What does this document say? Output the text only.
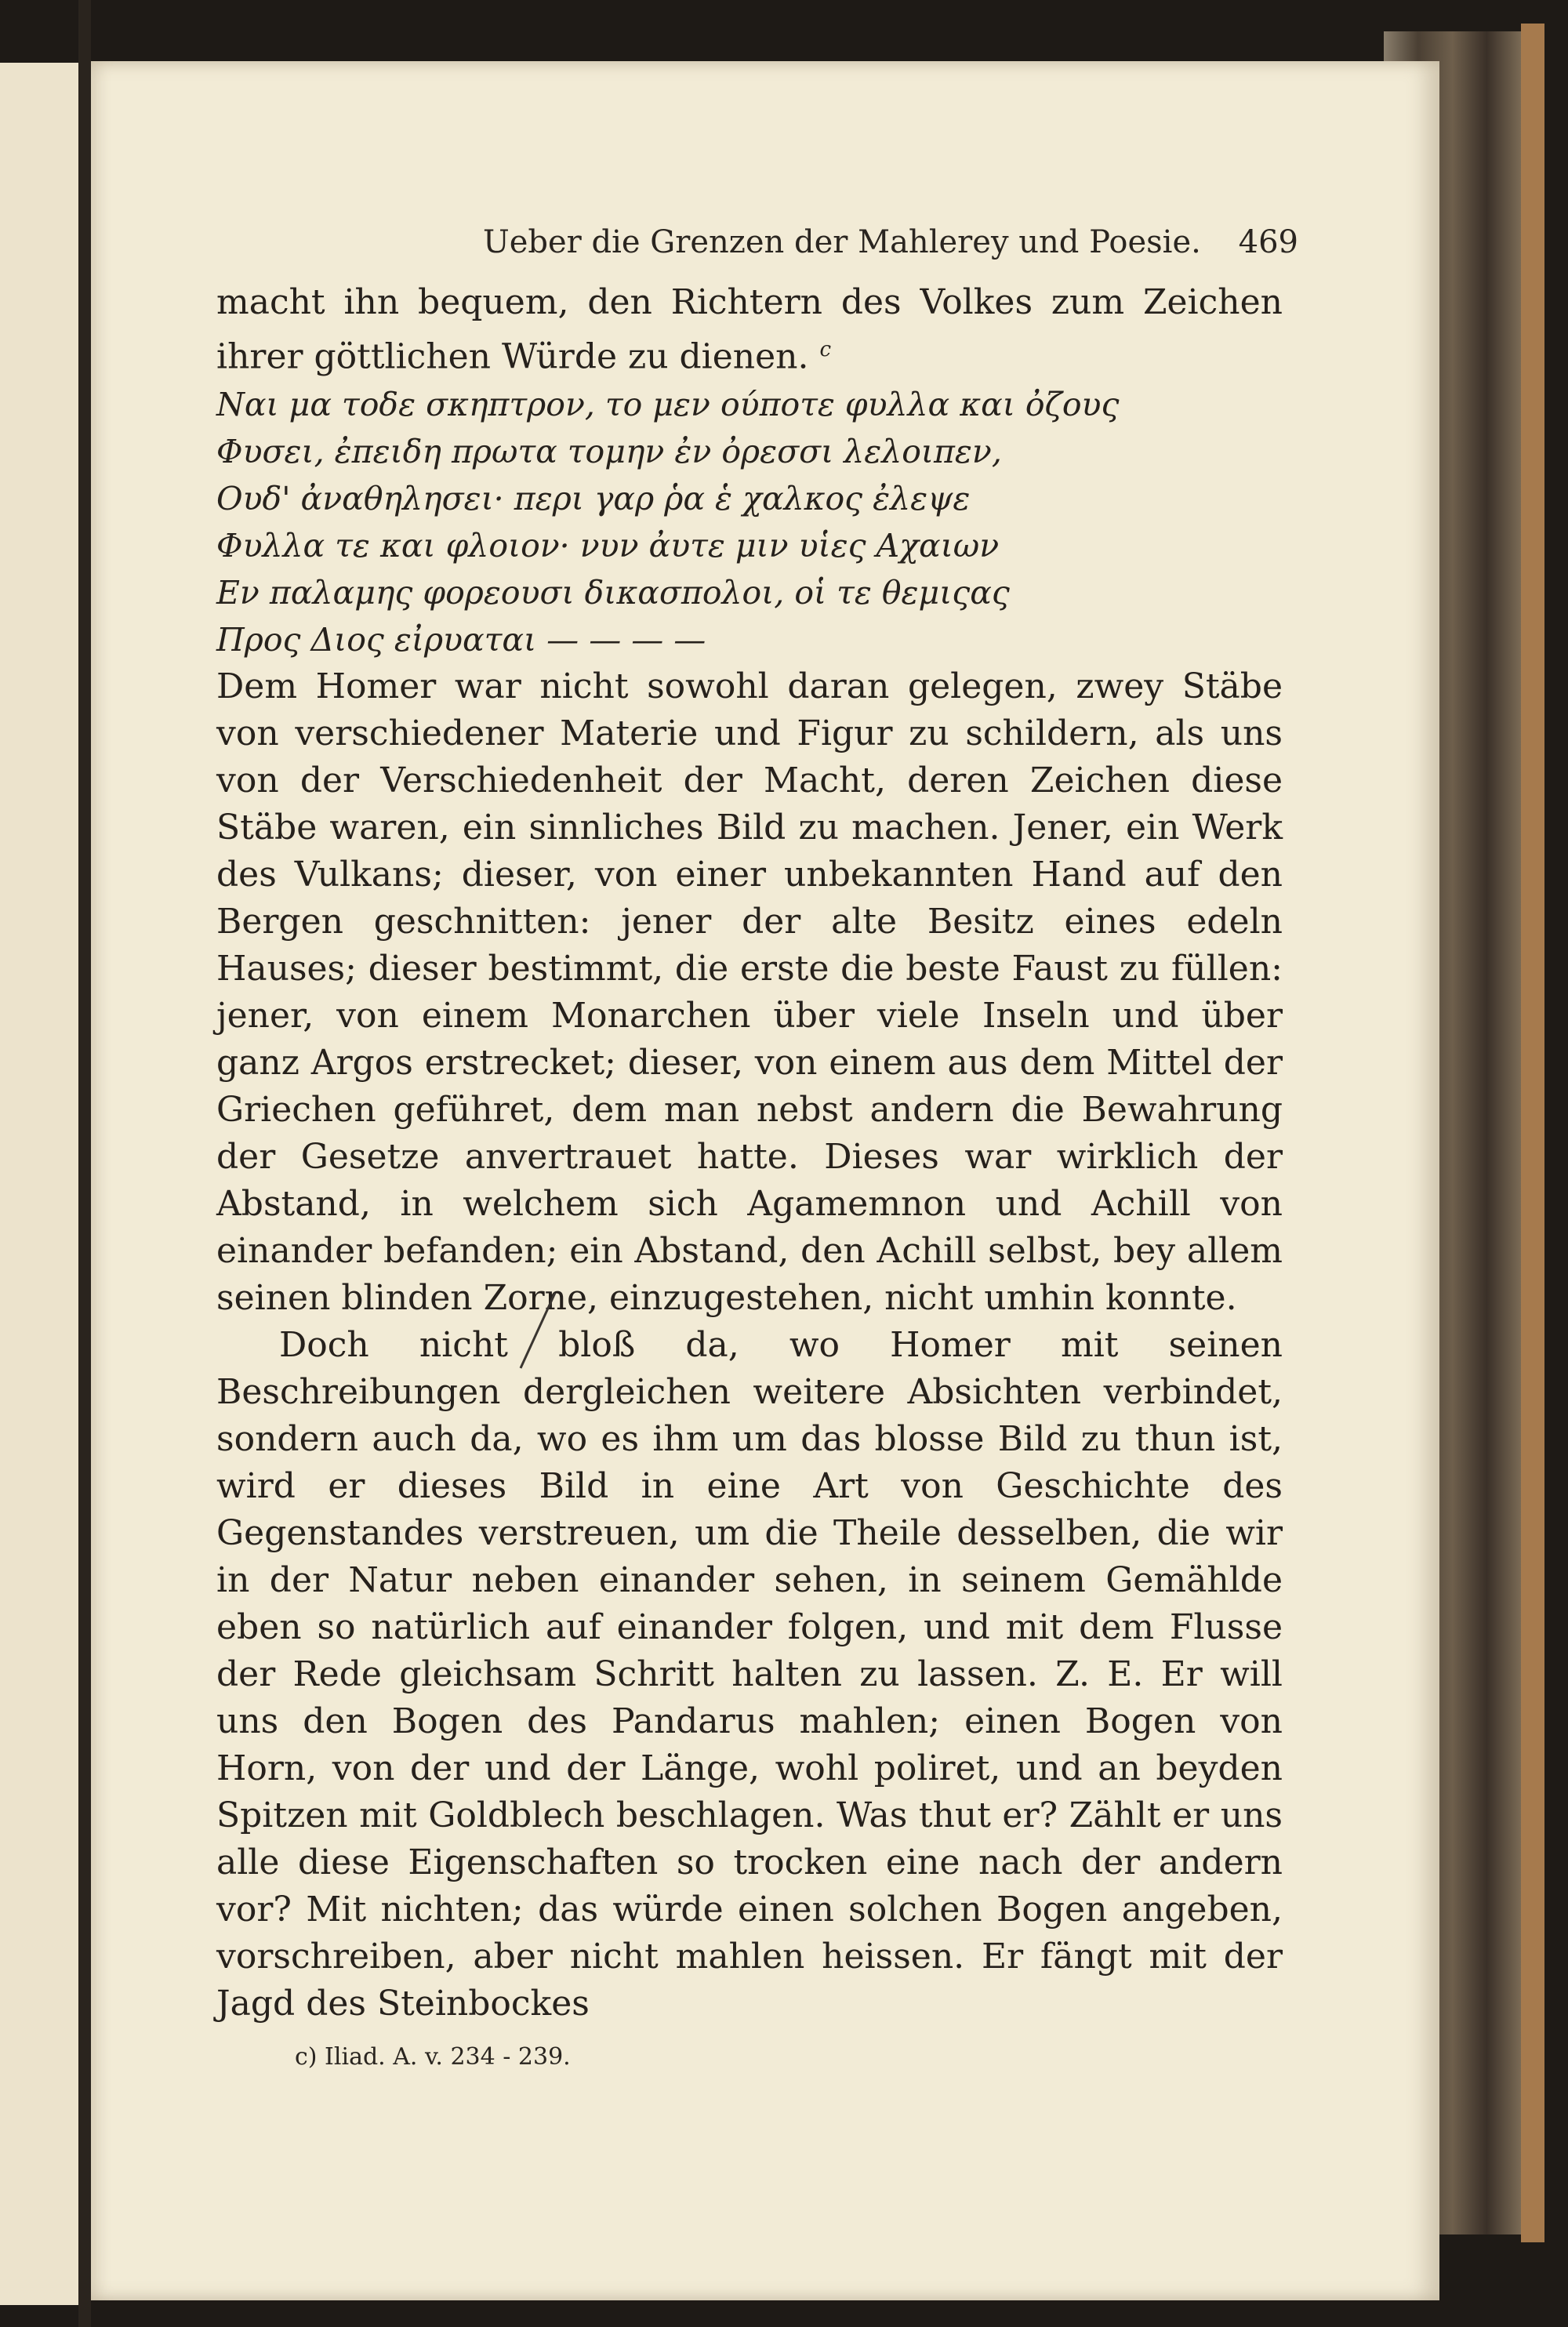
Ueber die Grenzen der Mahlerey und Poesie. 469

macht ihn bequem, den Richtern des Volkes zum Zeichen ihrer göttlichen Würde zu dienen. $^c$

Ναι μα τοδε σκηπτρον, το μεν ούποτε φυλλα και ὀζους
Φυσει, ἐπειδη πρωτα τομην ἐν ὀρεσσι λελοιπεν,
Ουδ' ἀναθηλησει· περι γαρ ῥα ἑ χαλκος ἐλεψε
Φυλλα τε και φλοιον· νυν ἀυτε μιν υἱες Αχαιων
Εν παλαμης φορεουσι δικασπολοι, οἱ τε θεμιςας
Προς Διος εἰρυαται — — — —

Dem Homer war nicht sowohl daran gelegen, zwey Stäbe von verschiedener Materie und Figur zu schildern, als uns von der Verschiedenheit der Macht, deren Zeichen diese Stäbe waren, ein sinnliches Bild zu machen. Jener, ein Werk des Vulkans; dieser, von einer unbekannten Hand auf den Bergen geschnitten: jener der alte Besitz eines edeln Hauses; dieser bestimmt, die erste die beste Faust zu füllen: jener, von einem Monarchen über viele Inseln und über ganz Argos erstrecket; dieser, von einem aus dem Mittel der Griechen geführet, dem man nebst andern die Bewahrung der Gesetze anvertrauet hatte. Dieses war wirklich der Abstand, in welchem sich Agamemnon und Achill von einander befanden; ein Abstand, den Achill selbst, bey allem seinen blinden Zorne, einzugestehen, nicht umhin konnte.

Doch nicht bloß da, wo Homer mit seinen Beschreibungen dergleichen weitere Absichten verbindet, sondern auch da, wo es ihm um das blosse Bild zu thun ist, wird er dieses Bild in eine Art von Geschichte des Gegenstandes verstreuen, um die Theile desselben, die wir in der Natur neben einander sehen, in seinem Gemählde eben so natürlich auf einander folgen, und mit dem Flusse der Rede gleichsam Schritt halten zu lassen. Z. E. Er will uns den Bogen des Pandarus mahlen; einen Bogen von Horn, von der und der Länge, wohl poliret, und an beyden Spitzen mit Goldblech beschlagen. Was thut er? Zählt er uns alle diese Eigenschaften so trocken eine nach der andern vor? Mit nichten; das würde einen solchen Bogen angeben, vorschreiben, aber nicht mahlen heissen. Er fängt mit der Jagd des Steinbockes

c) Iliad. A. v. 234 - 239.
